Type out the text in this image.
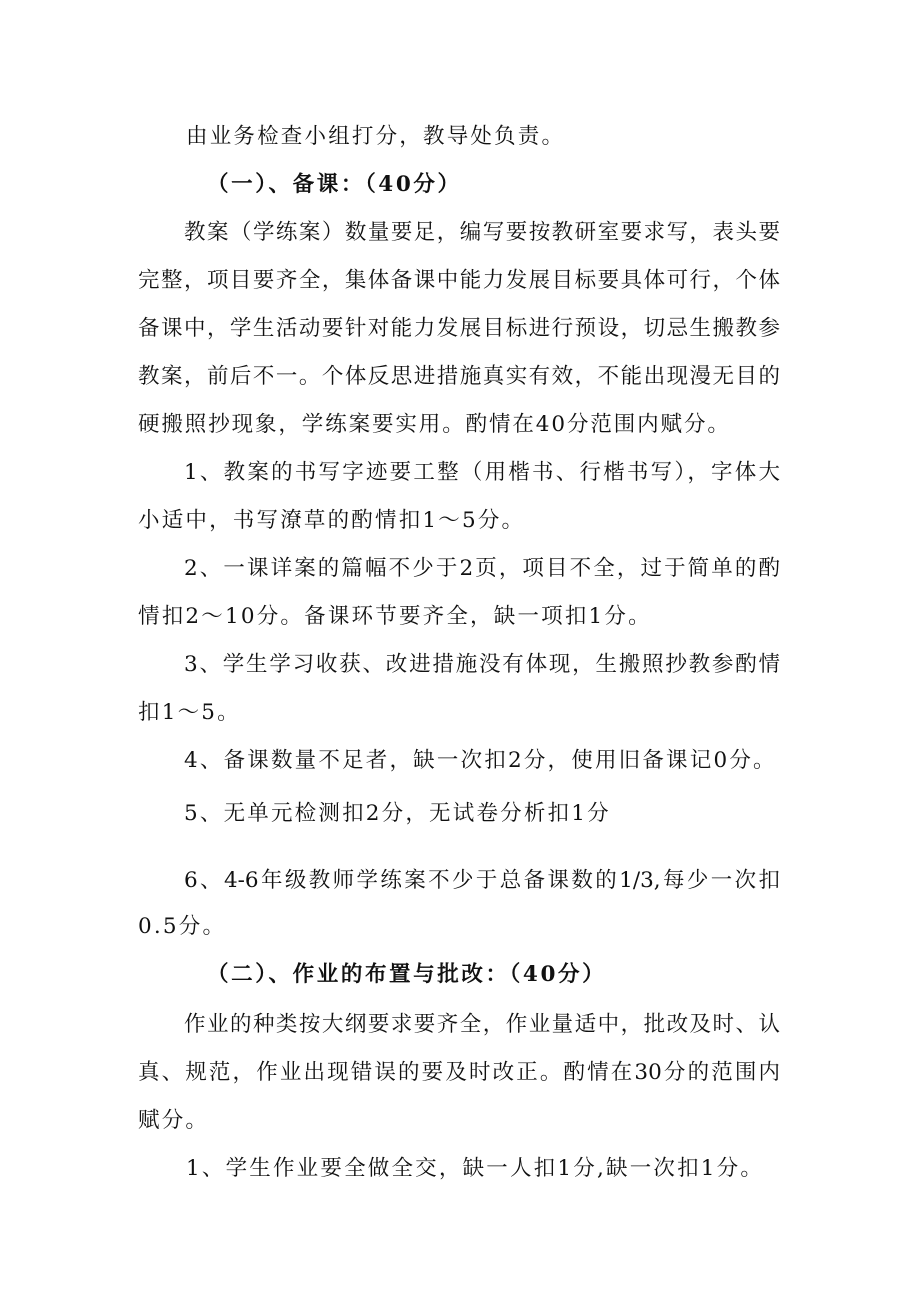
由业务检查小组打分，教导处负责。
（一）、备课：（40分）
教案（学练案）数量要足，编写要按教研室要求写，表头要
完整，项目要齐全，集体备课中能力发展目标要具体可行，个体
备课中，学生活动要针对能力发展目标进行预设，切忌生搬教参
教案，前后不一。个体反思进措施真实有效，不能出现漫无目的
硬搬照抄现象，学练案要实用。酌情在40分范围内赋分。
1、教案的书写字迹要工整（用楷书、行楷书写），字体大
小适中，书写潦草的酌情扣1～5分。
2、一课详案的篇幅不少于2页，项目不全，过于简单的酌
情扣2～10分。备课环节要齐全，缺一项扣1分。
3、学生学习收获、改进措施没有体现，生搬照抄教参酌情
扣1～5。
4、备课数量不足者，缺一次扣2分，使用旧备课记0分。
5、无单元检测扣2分，无试卷分析扣1分
6、4-6年级教师学练案不少于总备课数的1/3,每少一次扣
0.5分。
（二）、作业的布置与批改：（40分）
作业的种类按大纲要求要齐全，作业量适中，批改及时、认
真、规范，作业出现错误的要及时改正。酌情在30分的范围内
赋分。
1、学生作业要全做全交，缺一人扣1分,缺一次扣1分。
